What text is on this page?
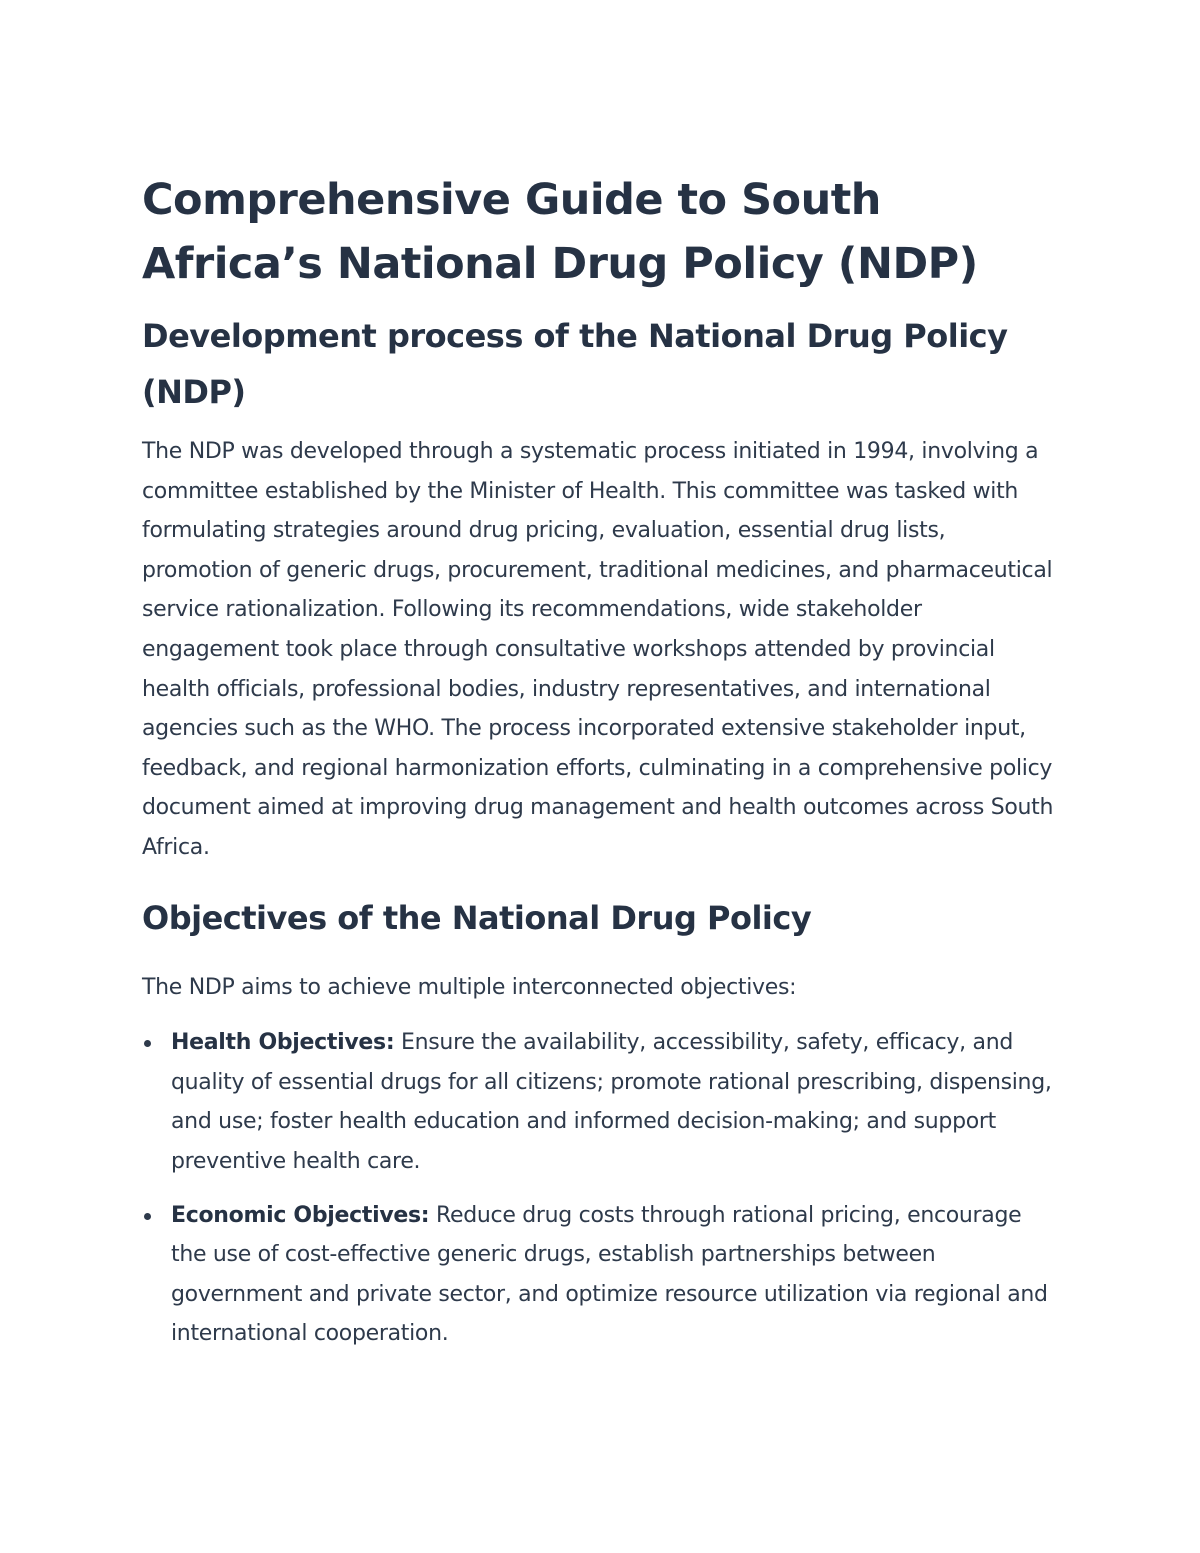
Comprehensive Guide to South Africa’s National Drug Policy (NDP)
Development process of the National Drug Policy (NDP)

The NDP was developed through a systematic process initiated in 1994, involving a committee established by the Minister of Health. This committee was tasked with formulating strategies around drug pricing, evaluation, essential drug lists, promotion of generic drugs, procurement, traditional medicines, and pharmaceutical service rationalization. Following its recommendations, wide stakeholder engagement took place through consultative workshops attended by provincial health officials, professional bodies, industry representatives, and international agencies such as the WHO. The process incorporated extensive stakeholder input, feedback, and regional harmonization efforts, culminating in a comprehensive policy document aimed at improving drug management and health outcomes across South Africa.

Objectives of the National Drug Policy

The NDP aims to achieve multiple interconnected objectives:

Health Objectives: Ensure the availability, accessibility, safety, efficacy, and quality of essential drugs for all citizens; promote rational prescribing, dispensing, and use; foster health education and informed decision-making; and support preventive health care.
Economic Objectives: Reduce drug costs through rational pricing, encourage the use of cost-effective generic drugs, establish partnerships between government and private sector, and optimize resource utilization via regional and international cooperation.
